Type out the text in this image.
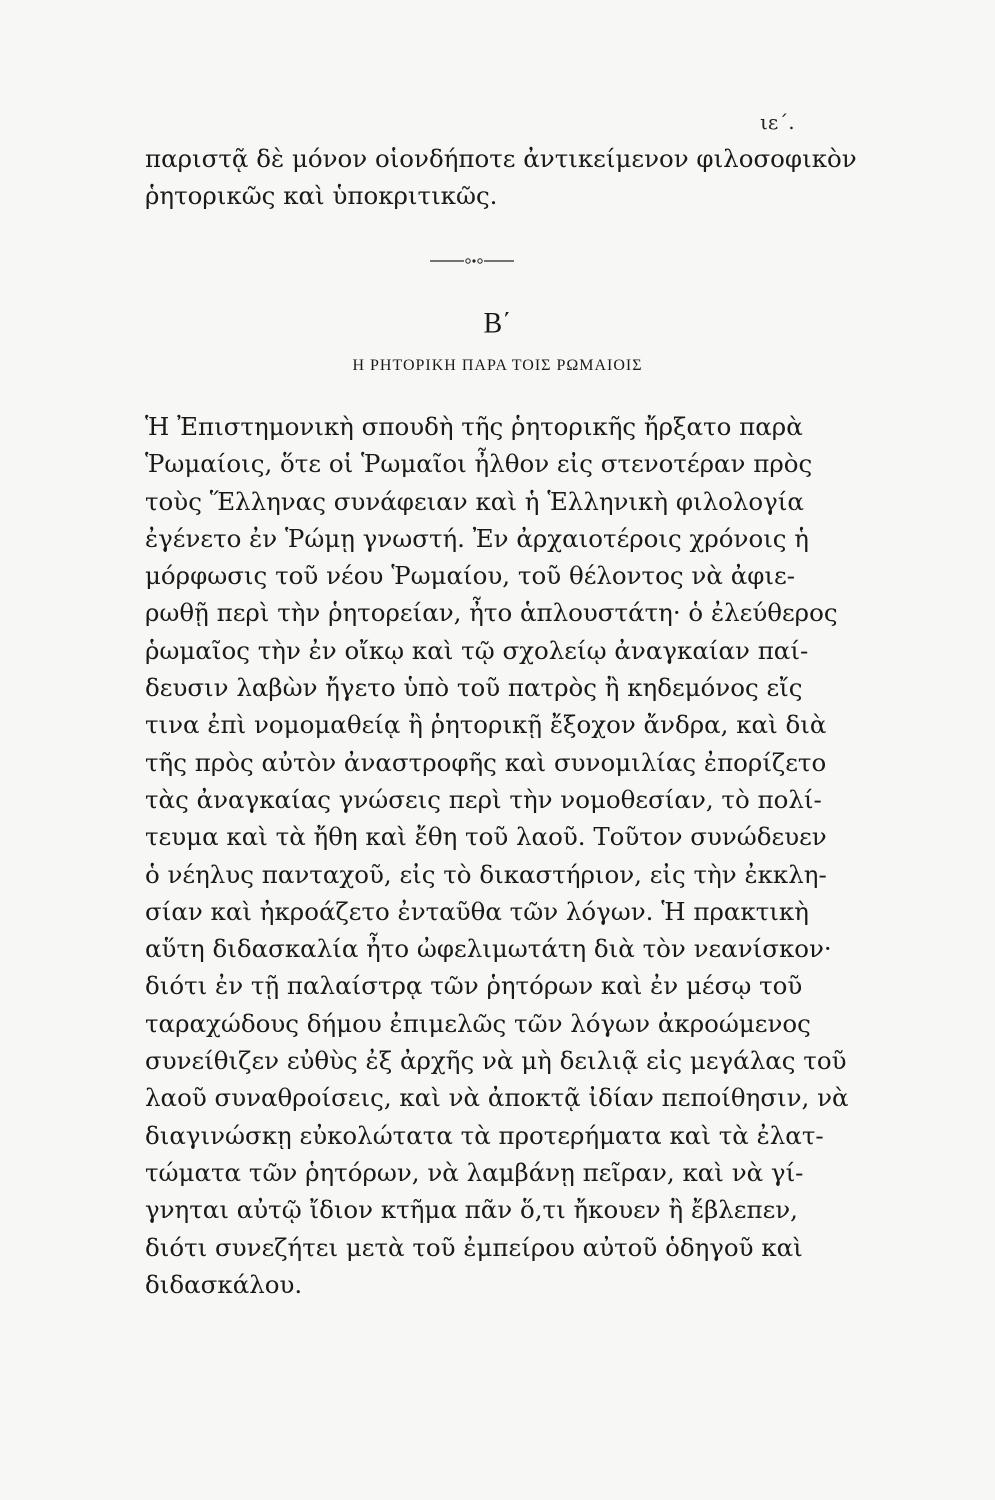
ιε΄.
παριστᾷ δὲ μόνον οἱονδήποτε ἀντικείμενον φιλοσοφικὸν
ῥητορικῶς καὶ ὑποκριτικῶς.
Β΄
Η ΡΗΤΟΡΙΚΗ ΠΑΡΑ ΤΟΙΣ ΡΩΜΑΙΟΙΣ
Ἡ Ἐπιστημονικὴ σπουδὴ τῆς ῥητορικῆς ἤρξατο παρὰ
Ῥωμαίοις, ὅτε οἱ Ῥωμαῖοι ἦλθον εἰς στενοτέραν πρὸς
τοὺς Ἕλληνας συνάφειαν καὶ ἡ Ἑλληνικὴ φιλολογία
ἐγένετο ἐν Ῥώμῃ γνωστή. Ἐν ἀρχαιοτέροις χρόνοις ἡ
μόρφωσις τοῦ νέου Ῥωμαίου, τοῦ θέλοντος νὰ ἀφιε-
ρωθῇ περὶ τὴν ῥητορείαν, ἦτο ἁπλουστάτη· ὁ ἐλεύθερος
ῥωμαῖος τὴν ἐν οἴκῳ καὶ τῷ σχολείῳ ἀναγκαίαν παί-
δευσιν λαβὼν ἤγετο ὑπὸ τοῦ πατρὸς ἢ κηδεμόνος εἴς
τινα ἐπὶ νομομαθείᾳ ἢ ῥητορικῇ ἔξοχον ἄνδρα, καὶ διὰ
τῆς πρὸς αὐτὸν ἀναστροφῆς καὶ συνομιλίας ἐπορίζετο
τὰς ἀναγκαίας γνώσεις περὶ τὴν νομοθεσίαν, τὸ πολί-
τευμα καὶ τὰ ἤθη καὶ ἔθη τοῦ λαοῦ. Τοῦτον συνώδευεν
ὁ νέηλυς πανταχοῦ, εἰς τὸ δικαστήριον, εἰς τὴν ἐκκλη-
σίαν καὶ ἠκροάζετο ἐνταῦθα τῶν λόγων. Ἡ πρακτικὴ
αὕτη διδασκαλία ἦτο ὠφελιμωτάτη διὰ τὸν νεανίσκον·
διότι ἐν τῇ παλαίστρᾳ τῶν ῥητόρων καὶ ἐν μέσῳ τοῦ
ταραχώδους δήμου ἐπιμελῶς τῶν λόγων ἀκροώμενος
συνείθιζεν εὐθὺς ἐξ ἀρχῆς νὰ μὴ δειλιᾷ εἰς μεγάλας τοῦ
λαοῦ συναθροίσεις, καὶ νὰ ἀποκτᾷ ἰδίαν πεποίθησιν, νὰ
διαγινώσκῃ εὐκολώτατα τὰ προτερήματα καὶ τὰ ἐλατ-
τώματα τῶν ῥητόρων, νὰ λαμβάνῃ πεῖραν, καὶ νὰ γί-
γνηται αὐτῷ ἴδιον κτῆμα πᾶν ὅ,τι ἤκουεν ἢ ἔβλεπεν,
διότι συνεζήτει μετὰ τοῦ ἐμπείρου αὐτοῦ ὁδηγοῦ καὶ
διδασκάλου.
